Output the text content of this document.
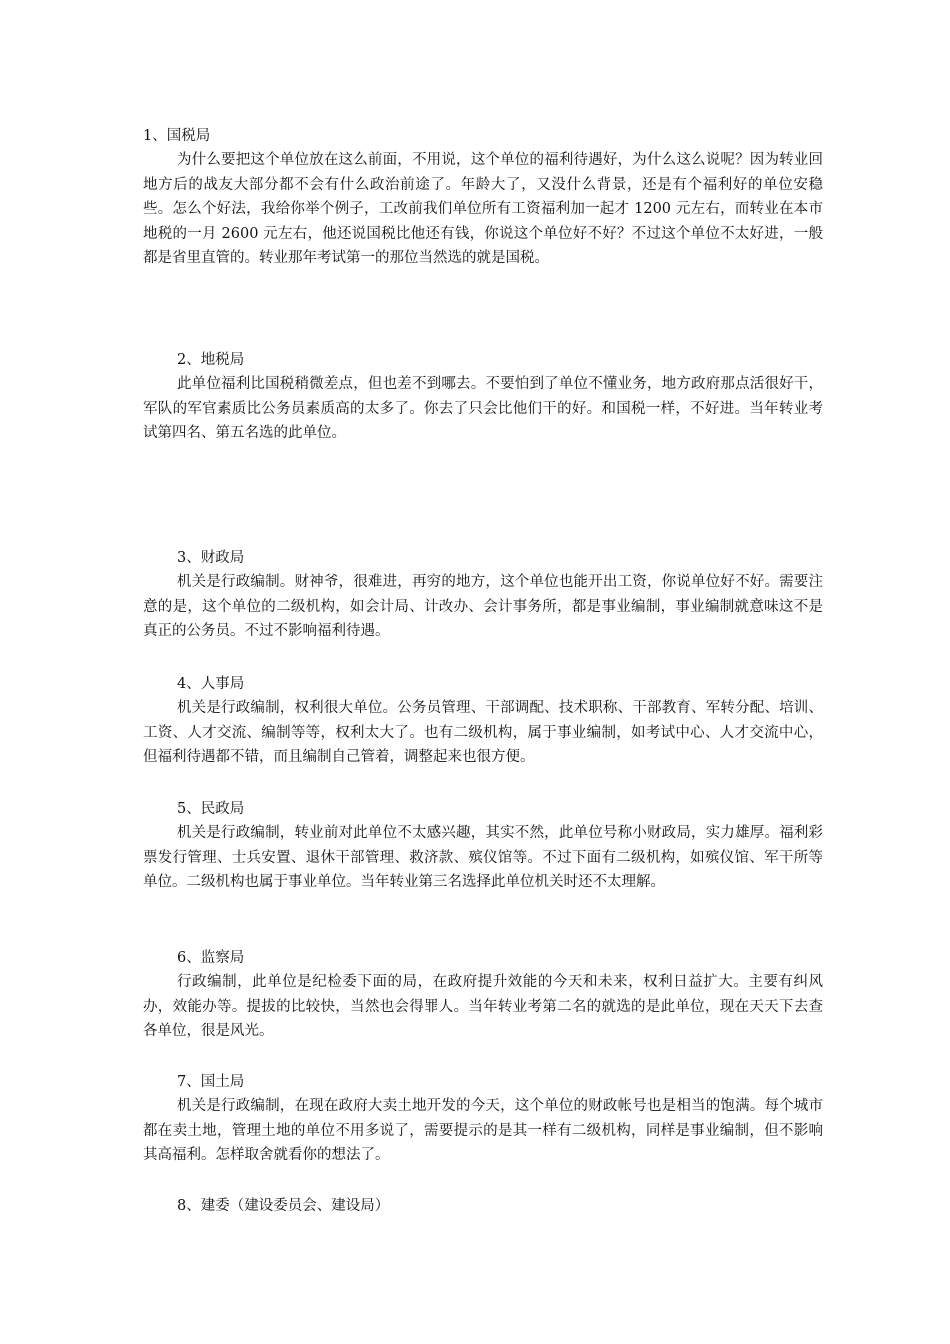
1、国税局
为什么要把这个单位放在这么前面，不用说，这个单位的福利待遇好，为什么这么说呢？因为转业回地方后的战友大部分都不会有什么政治前途了。年龄大了，又没什么背景，还是有个福利好的单位安稳些。怎么个好法，我给你举个例子，工改前我们单位所有工资福利加一起才 1200 元左右，而转业在本市地税的一月 2600 元左右，他还说国税比他还有钱，你说这个单位好不好？不过这个单位不太好进，一般都是省里直管的。转业那年考试第一的那位当然选的就是国税。
2、地税局
此单位福利比国税稍微差点，但也差不到哪去。不要怕到了单位不懂业务，地方政府那点活很好干，军队的军官素质比公务员素质高的太多了。你去了只会比他们干的好。和国税一样，不好进。当年转业考试第四名、第五名选的此单位。
3、财政局
机关是行政编制。财神爷，很难进，再穷的地方，这个单位也能开出工资，你说单位好不好。需要注意的是，这个单位的二级机构，如会计局、计改办、会计事务所，都是事业编制，事业编制就意味这不是真正的公务员。不过不影响福利待遇。
4、人事局
机关是行政编制，权利很大单位。公务员管理、干部调配、技术职称、干部教育、军转分配、培训、工资、人才交流、编制等等，权利太大了。也有二级机构，属于事业编制，如考试中心、人才交流中心，但福利待遇都不错，而且编制自己管着，调整起来也很方便。
5、民政局
机关是行政编制，转业前对此单位不太感兴趣，其实不然，此单位号称小财政局，实力雄厚。福利彩票发行管理、士兵安置、退休干部管理、救济款、殡仪馆等。不过下面有二级机构，如殡仪馆、军干所等单位。二级机构也属于事业单位。当年转业第三名选择此单位机关时还不太理解。
6、监察局
行政编制，此单位是纪检委下面的局，在政府提升效能的今天和未来，权利日益扩大。主要有纠风办，效能办等。提拔的比较快，当然也会得罪人。当年转业考第二名的就选的是此单位，现在天天下去查各单位，很是风光。
7、国土局
机关是行政编制，在现在政府大卖土地开发的今天，这个单位的财政帐号也是相当的饱满。每个城市都在卖土地，管理土地的单位不用多说了，需要提示的是其一样有二级机构，同样是事业编制，但不影响其高福利。怎样取舍就看你的想法了。
8、建委（建设委员会、建设局）
